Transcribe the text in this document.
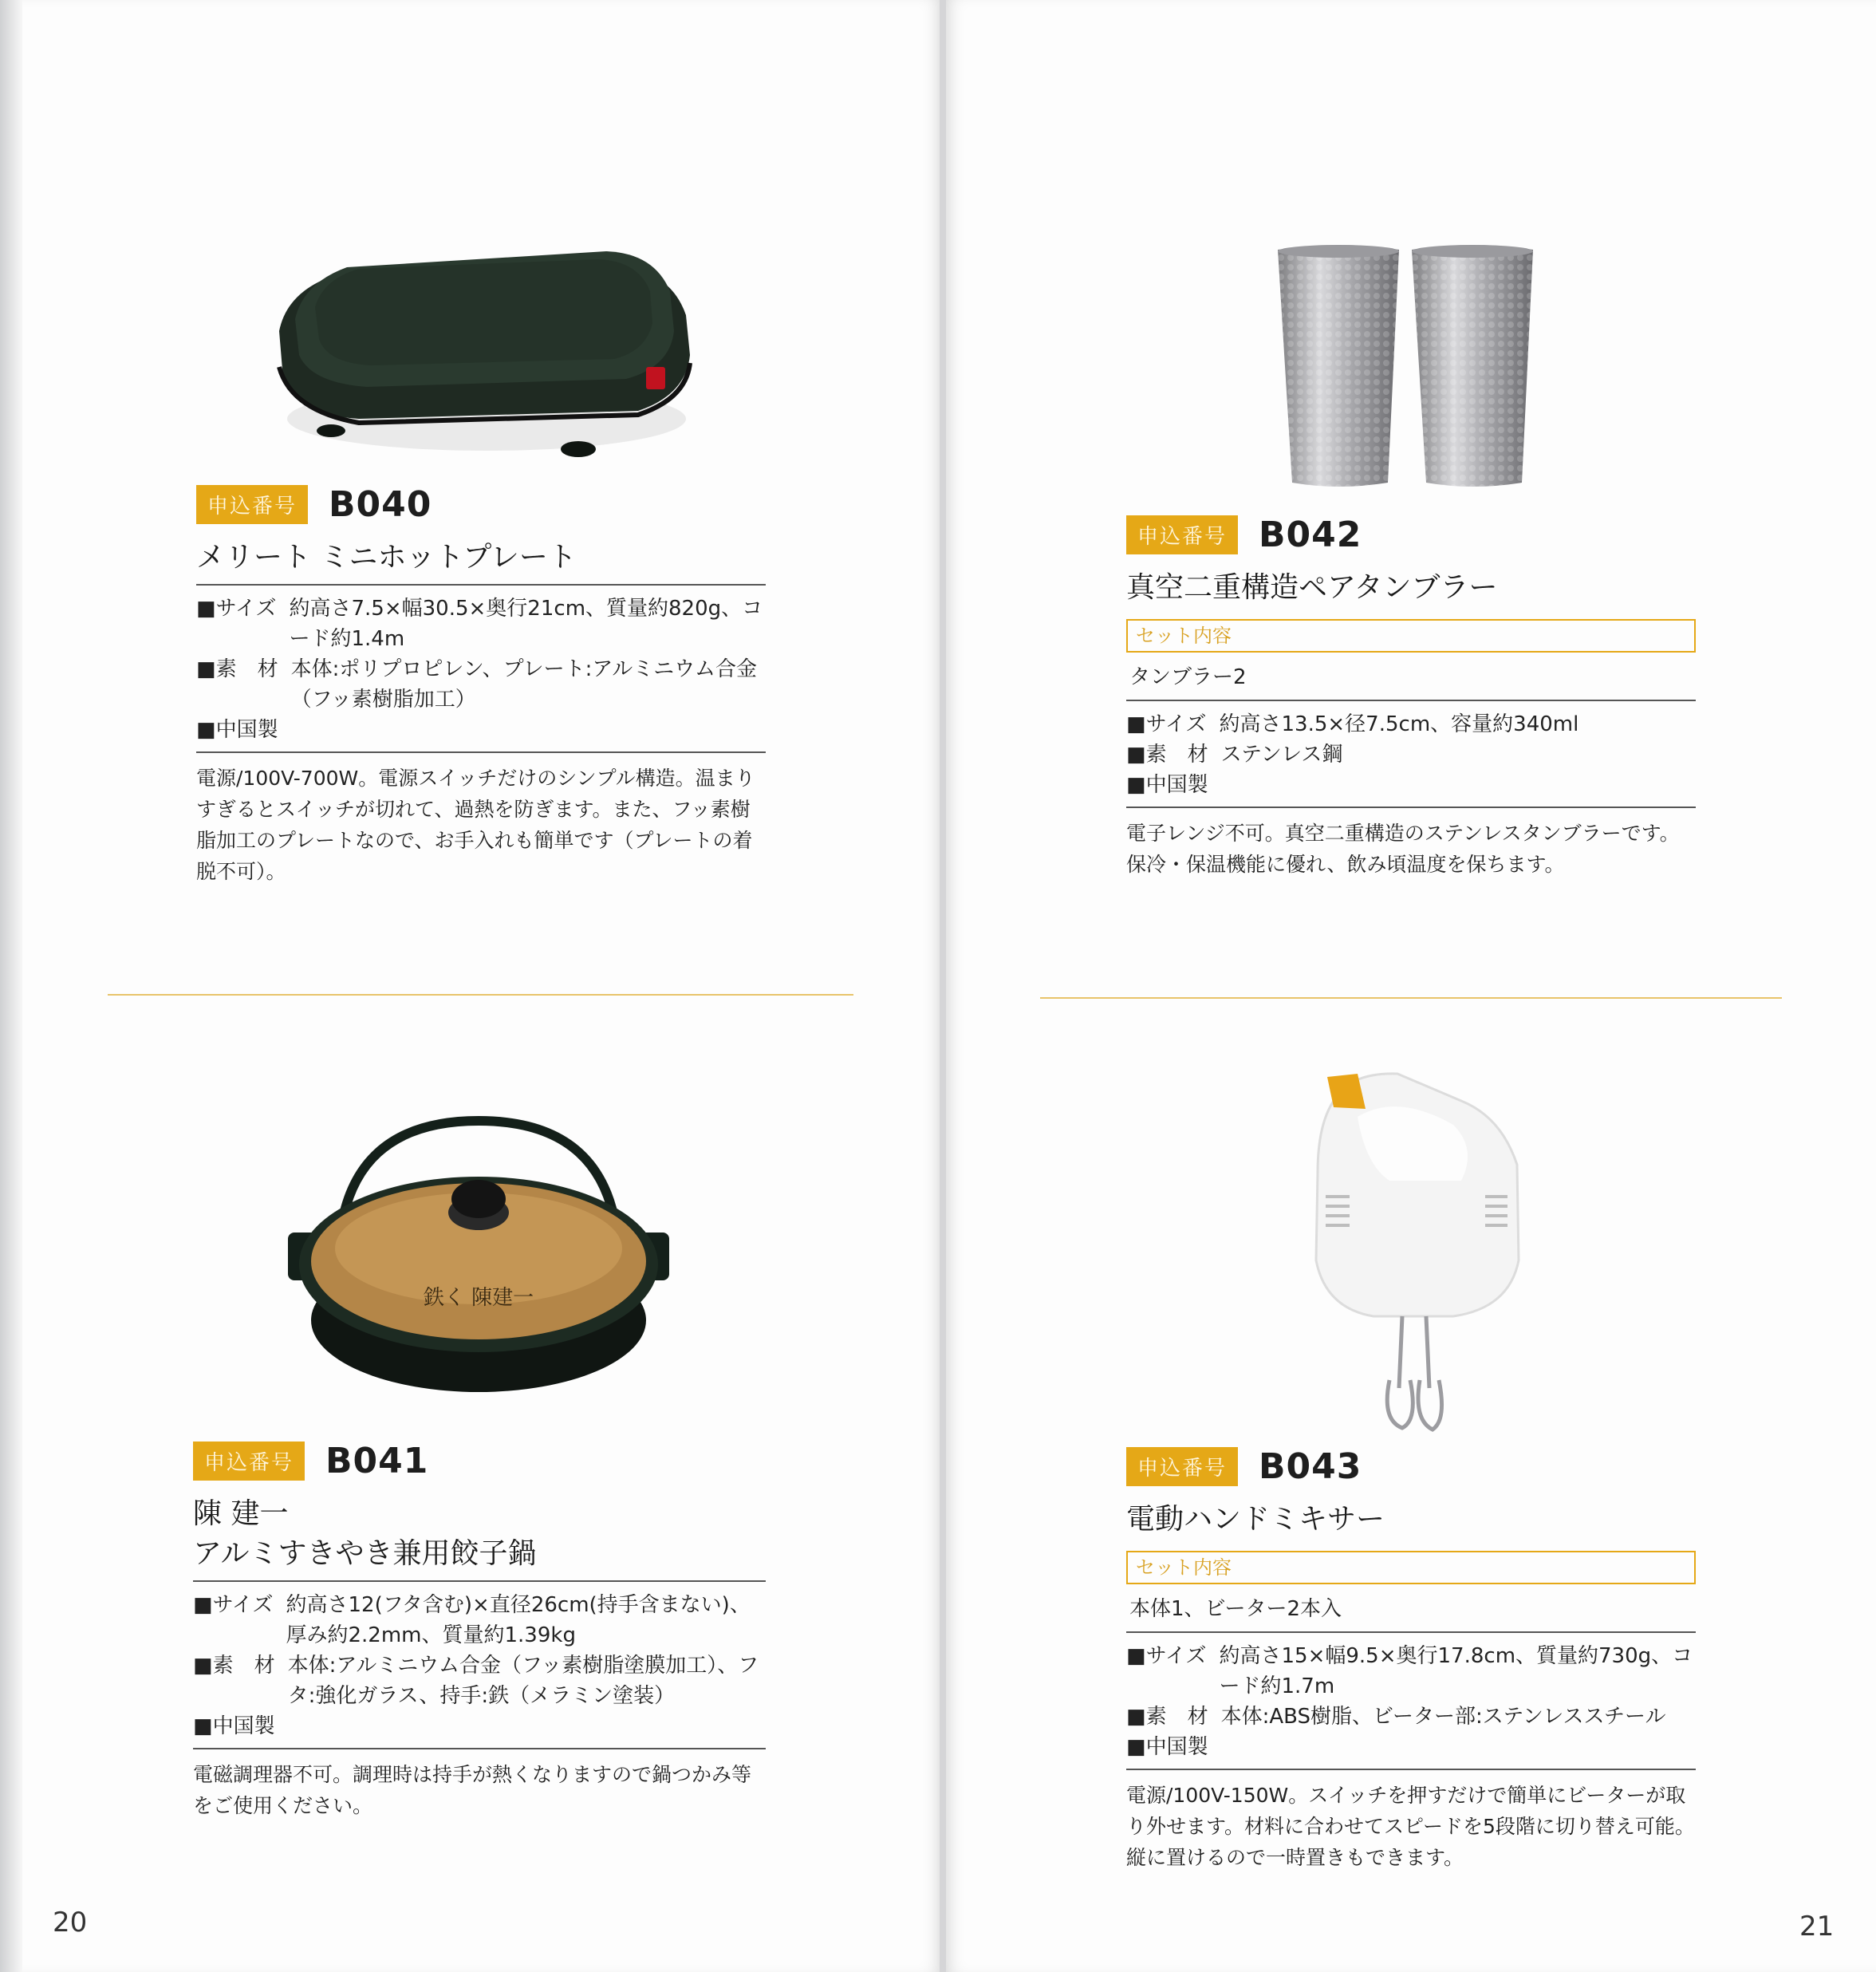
申込番号 B040
メリート ミニホットプレート
■サイズ 約高さ7.5×幅30.5×奥行21cm、質量約820g、コード約1.4m
■素　材 本体:ポリプロピレン、プレート:アルミニウム合金（フッ素樹脂加工）
■中国製
電源/100V-700W。電源スイッチだけのシンプル構造。温まりすぎるとスイッチが切れて、過熱を防ぎます。また、フッ素樹脂加工のプレートなので、お手入れも簡単です（プレートの着脱不可）。
鉄く 陳建一
申込番号 B041
陳 建一
アルミすきやき兼用餃子鍋
■サイズ 約高さ12(フタ含む)×直径26cm(持手含まない)、厚み約2.2mm、質量約1.39kg
■素　材 本体:アルミニウム合金（フッ素樹脂塗膜加工）、フタ:強化ガラス、持手:鉄（メラミン塗装）
■中国製
電磁調理器不可。調理時は持手が熱くなりますので鍋つかみ等をご使用ください。
20
申込番号 B042
真空二重構造ペアタンブラー
セット内容
タンブラー2
■サイズ 約高さ13.5×径7.5cm、容量約340ml
■素　材 ステンレス鋼
■中国製
電子レンジ不可。真空二重構造のステンレスタンブラーです。保冷・保温機能に優れ、飲み頃温度を保ちます。
申込番号 B043
電動ハンドミキサー
セット内容
本体1、ビーター2本入
■サイズ 約高さ15×幅9.5×奥行17.8cm、質量約730g、コード約1.7m
■素　材 本体:ABS樹脂、ビーター部:ステンレススチール
■中国製
電源/100V-150W。スイッチを押すだけで簡単にビーターが取り外せます。材料に合わせてスピードを5段階に切り替え可能。縦に置けるので一時置きもできます。
21
